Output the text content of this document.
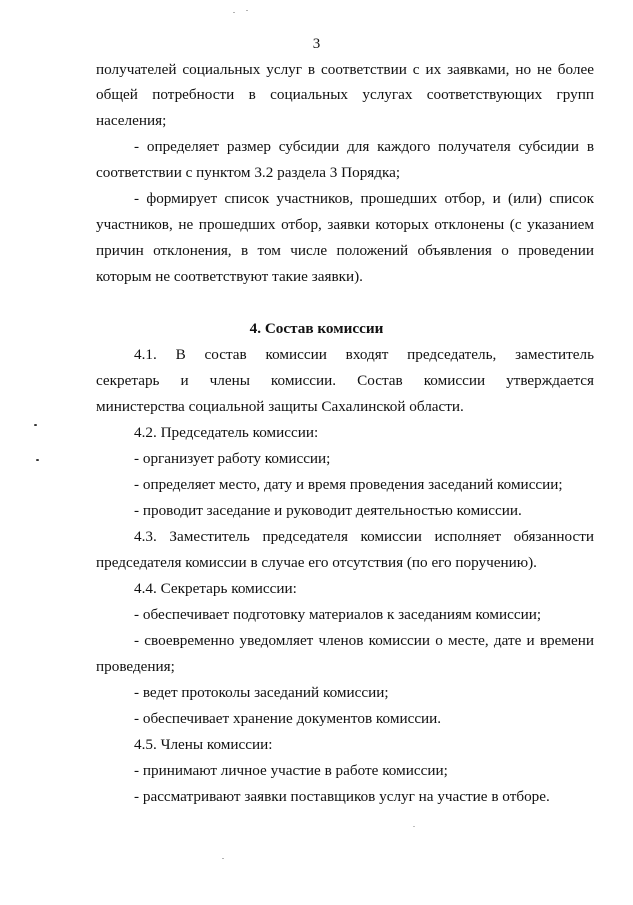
3
получателей социальных услуг в соответствии с их заявками, но не более
общей потребности в социальных услугах соответствующих групп
населения;
- определяет размер субсидии для каждого получателя субсидии в
соответствии с пунктом 3.2 раздела 3 Порядка;
- формирует список участников, прошедших отбор, и (или) список
участников, не прошедших отбор, заявки которых отклонены (с указанием
причин отклонения, в том числе положений объявления о проведении
которым не соответствуют такие заявки).
4. Состав комиссии
4.1. В состав комиссии входят председатель, заместитель
секретарь и члены комиссии. Состав комиссии утверждается
министерства социальной защиты Сахалинской области.
4.2. Председатель комиссии:
- организует работу комиссии;
- определяет место, дату и время проведения заседаний комиссии;
- проводит заседание и руководит деятельностью комиссии.
4.3. Заместитель председателя комиссии исполняет обязанности
председателя комиссии в случае его отсутствия (по его поручению).
4.4. Секретарь комиссии:
- обеспечивает подготовку материалов к заседаниям комиссии;
- своевременно уведомляет членов комиссии о месте, дате и времени
проведения;
- ведет протоколы заседаний комиссии;
- обеспечивает хранение документов комиссии.
4.5. Члены комиссии:
- принимают личное участие в работе комиссии;
- рассматривают заявки поставщиков услуг на участие в отборе.
